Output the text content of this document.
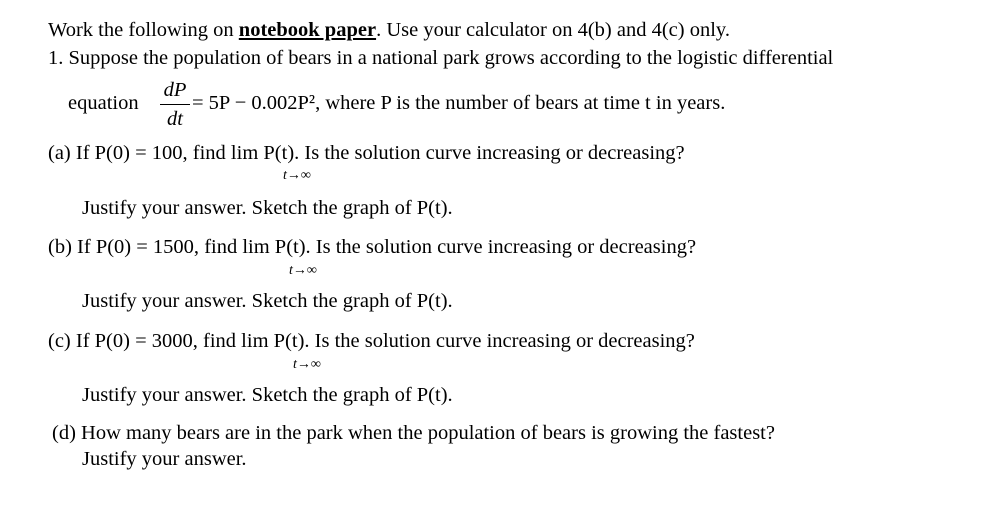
Work the following on notebook paper. Use your calculator on 4(b) and 4(c) only.
1. Suppose the population of bears in a national park grows according to the logistic differential
equation
dP
dt
= 5P − 0.002P², where P is the number of bears at time t in years.
(a) If P(0) = 100, find lim P(t). Is the solution curve increasing or decreasing?
t→∞
Justify your answer. Sketch the graph of P(t).
(b) If P(0) = 1500, find lim P(t). Is the solution curve increasing or decreasing?
t→∞
Justify your answer. Sketch the graph of P(t).
(c) If P(0) = 3000, find lim P(t). Is the solution curve increasing or decreasing?
t→∞
Justify your answer. Sketch the graph of P(t).
(d) How many bears are in the park when the population of bears is growing the fastest?
Justify your answer.
